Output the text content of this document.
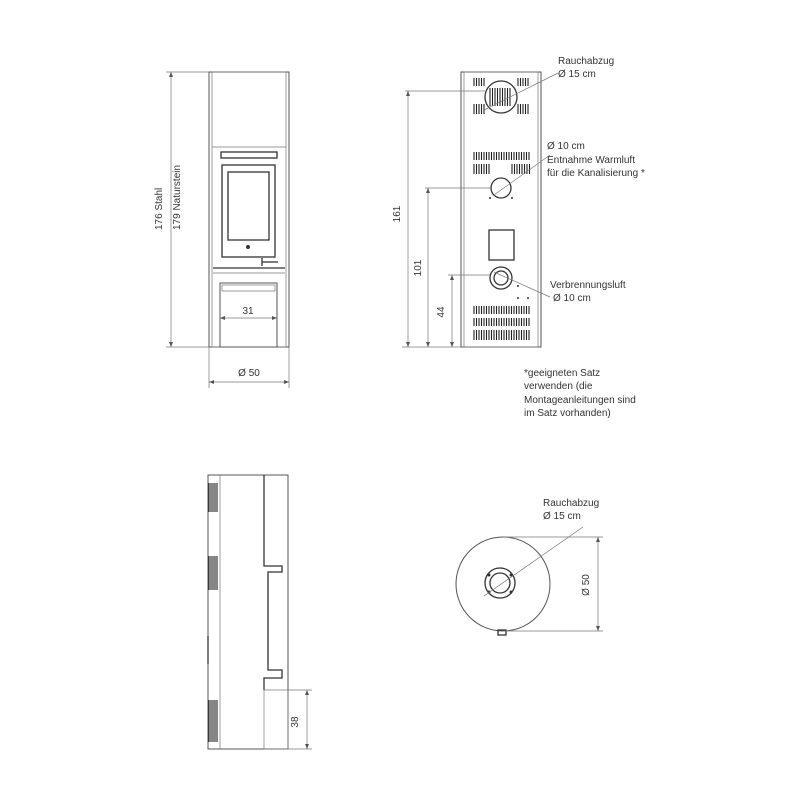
31
176 Stahl 179 Naturstein
Ø 50
161
101
44
Rauchabzug
Ø 15 cm
Ø 10 cm
Entnahme Warmluft
für die Kanalisierung *
Verbrennungsluft
Ø 10 cm
*geeigneten Satz
verwenden (die
Montageanleitungen sind
im Satz vorhanden)
38
Rauchabzug
Ø 15 cm
Ø 50
